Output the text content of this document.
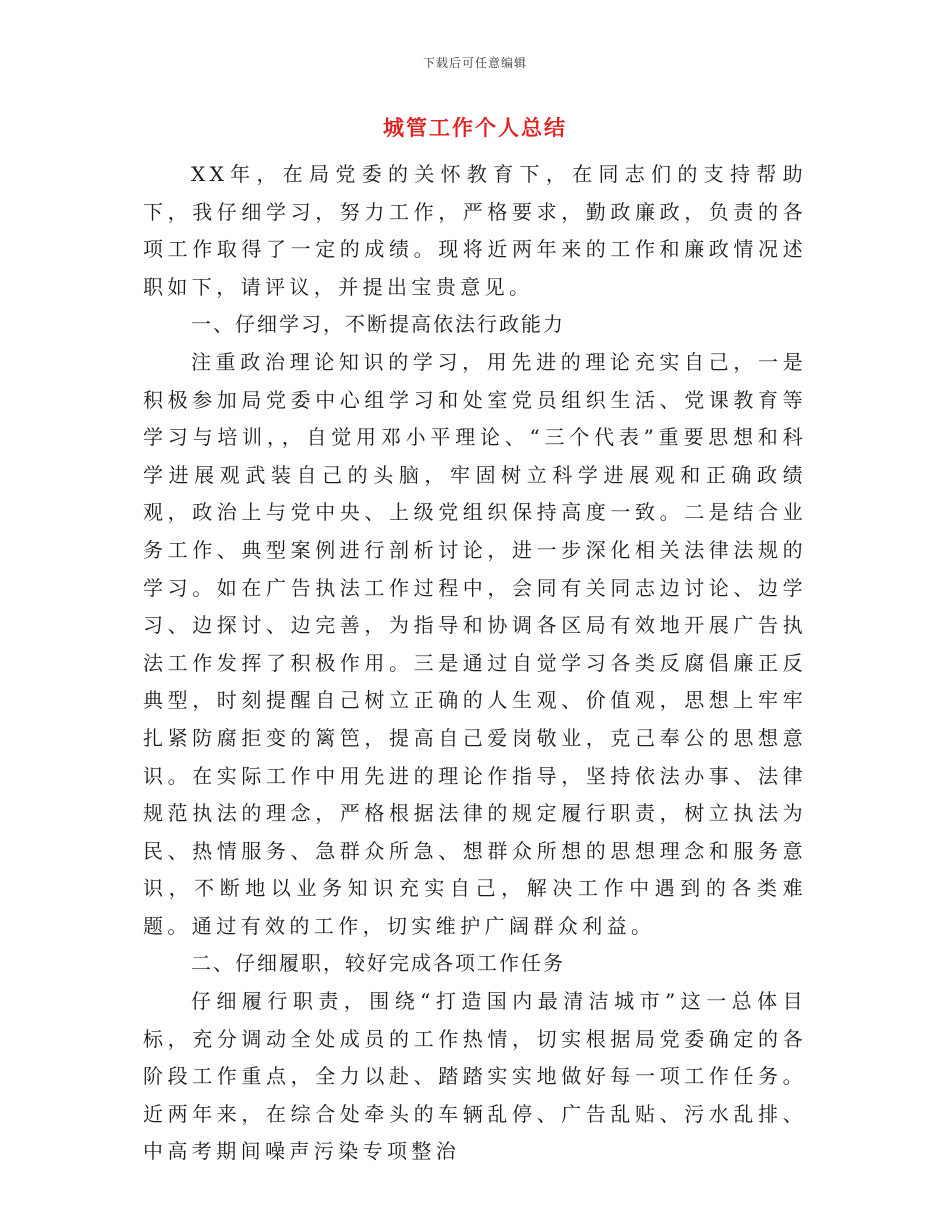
下载后可任意编辑
城管工作个人总结

XX年，在局党委的关怀教育下，在同志们的支持帮助下，我仔细学习，努力工作，严格要求，勤政廉政，负责的各项工作取得了一定的成绩。现将近两年来的工作和廉政情况述职如下，请评议，并提出宝贵意见。

一、仔细学习，不断提高依法行政能力

注重政治理论知识的学习，用先进的理论充实自己，一是积极参加局党委中心组学习和处室党员组织生活、党课教育等学习与培训，，自觉用邓小平理论、“三个代表”重要思想和科学进展观武装自己的头脑，牢固树立科学进展观和正确政绩观，政治上与党中央、上级党组织保持高度一致。二是结合业务工作、典型案例进行剖析讨论，进一步深化相关法律法规的学习。如在广告执法工作过程中，会同有关同志边讨论、边学习、边探讨、边完善，为指导和协调各区局有效地开展广告执法工作发挥了积极作用。三是通过自觉学习各类反腐倡廉正反典型，时刻提醒自己树立正确的人生观、价值观，思想上牢牢扎紧防腐拒变的篱笆，提高自己爱岗敬业，克己奉公的思想意识。在实际工作中用先进的理论作指导，坚持依法办事、法律规范执法的理念，严格根据法律的规定履行职责，树立执法为民、热情服务、急群众所急、想群众所想的思想理念和服务意识，不断地以业务知识充实自己，解决工作中遇到的各类难题。通过有效的工作，切实维护广阔群众利益。

二、仔细履职，较好完成各项工作任务

仔细履行职责，围绕“打造国内最清洁城市”这一总体目标，充分调动全处成员的工作热情，切实根据局党委确定的各阶段工作重点，全力以赴、踏踏实实地做好每一项工作任务。近两年来，在综合处牵头的车辆乱停、广告乱贴、污水乱排、中高考期间噪声污染专项整治
